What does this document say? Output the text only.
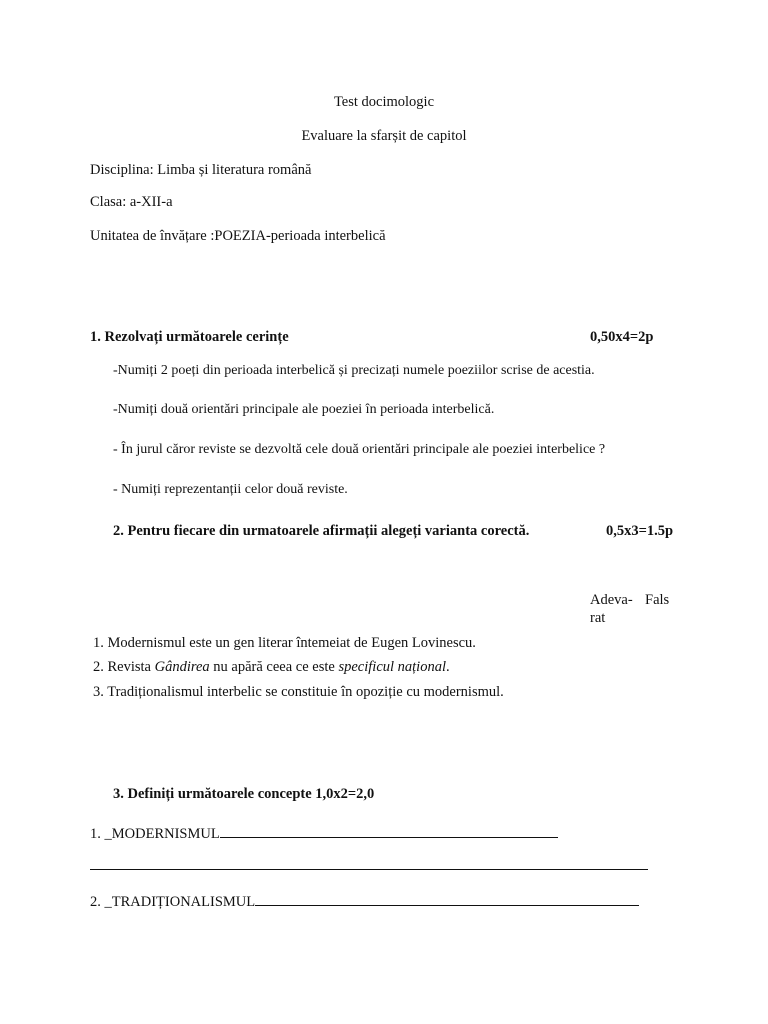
Test docimologic
Evaluare la sfarșit de capitol
Disciplina: Limba și literatura română
Clasa: a-XII-a
Unitatea de învățare :POEZIA-perioada interbelică
1. Rezolvați următoarele cerințe	0,50x4=2p
-Numiți 2 poeți din perioada interbelică și precizați numele poeziilor scrise de acestia.
-Numiți două orientări principale ale poeziei în perioada interbelică.
- În jurul căror reviste se dezvoltă cele două orientări principale ale poeziei interbelice ?
- Numiți reprezentanții celor două reviste.
2. Pentru fiecare din urmatoarele afirmații alegeți varianta corectă.	0,5x3=1.5p
Adeva-
rat
Fals
1. Modernismul este un gen literar întemeiat de Eugen Lovinescu.
2. Revista Gândirea nu apără ceea ce este specificul național.
3. Tradiționalismul interbelic se constituie în opoziție cu modernismul.
3. Definiți următoarele concepte 1,0x2=2,0
1. _MODERNISMUL
2. _TRADIȚIONALISMUL
